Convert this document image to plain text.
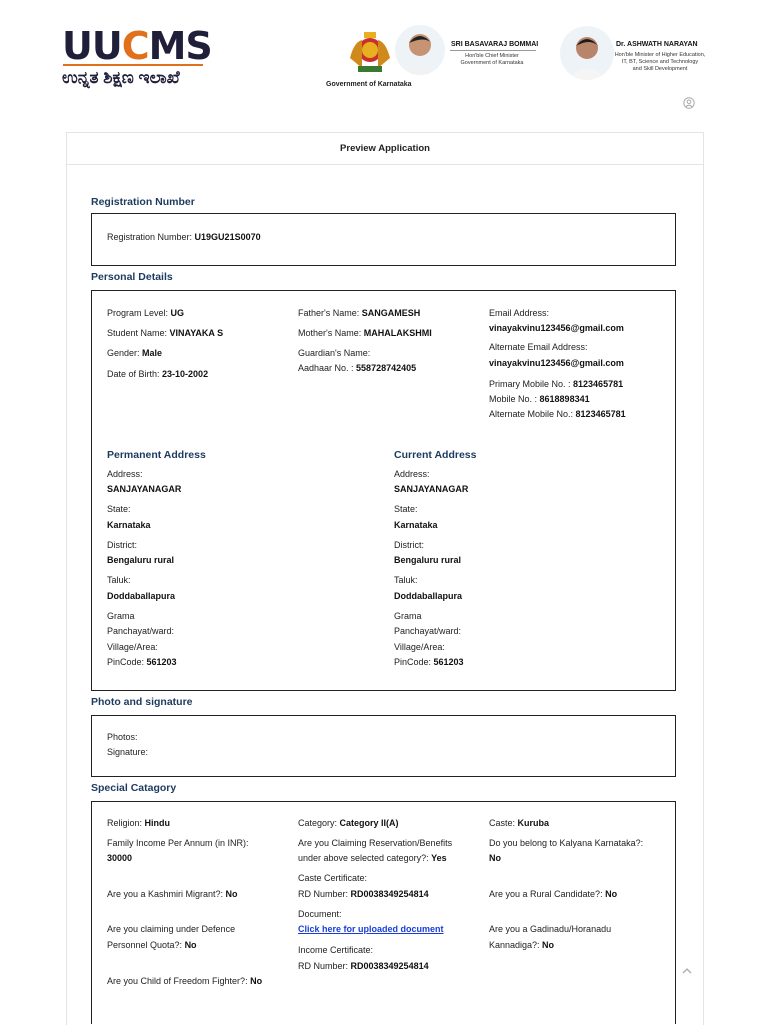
UUCMS
ಉನ್ನತ ಶಿಕ್ಷಣ ಇಲಾಖೆ	Government of Karnataka
SRI BASAVARAJ BOMMAI
Hon'ble Chief Minister
Government of Karnataka
Dr. ASHWATH NARAYAN
Hon'ble Minister of Higher Education,
IT, BT, Science and Technology
and Skill Development
Preview Application
Registration Number
Registration Number: U19GU21S0070
Personal Details
Program Level: UG
Student Name: VINAYAKA S
Gender: Male
Date of Birth: 23-10-2002
Father's Name: SANGAMESH
Mother's Name: MAHALAKSHMI
Guardian's Name:
Aadhaar No. : 558728742405
Email Address:
vinayakvinu123456@gmail.com
Alternate Email Address:
vinayakvinu123456@gmail.com
Primary Mobile No. : 8123465781
Mobile No. : 8618898341
Alternate Mobile No.: 8123465781
Permanent Address
Address:
SANJAYANAGAR
State:
Karnataka
District:
Bengaluru rural
Taluk:
Doddaballapura
Grama
Panchayat/ward:
Village/Area:
PinCode: 561203
Current Address
Address:
SANJAYANAGAR
State:
Karnataka
District:
Bengaluru rural
Taluk:
Doddaballapura
Grama
Panchayat/ward:
Village/Area:
PinCode: 561203
Photo and signature
Photos:
Signature:
Special Catagory
Religion: Hindu
Family Income Per Annum (in INR):
30000
Are you a Kashmiri Migrant?: No
Are you claiming under Defence
Personnel Quota?: No
Are you Child of Freedom Fighter?: No
Category: Category II(A)
Are you Claiming Reservation/Benefits
under above selected category?: Yes
Caste Certificate:
RD Number: RD0038349254814
Document:
Click here for uploaded document
Income Certificate:
RD Number: RD0038349254814
Caste: Kuruba
Do you belong to Kalyana Karnataka?:
No
Are you a Rural Candidate?: No
Are you a Gadinadu/Horanadu
Kannadiga?: No
